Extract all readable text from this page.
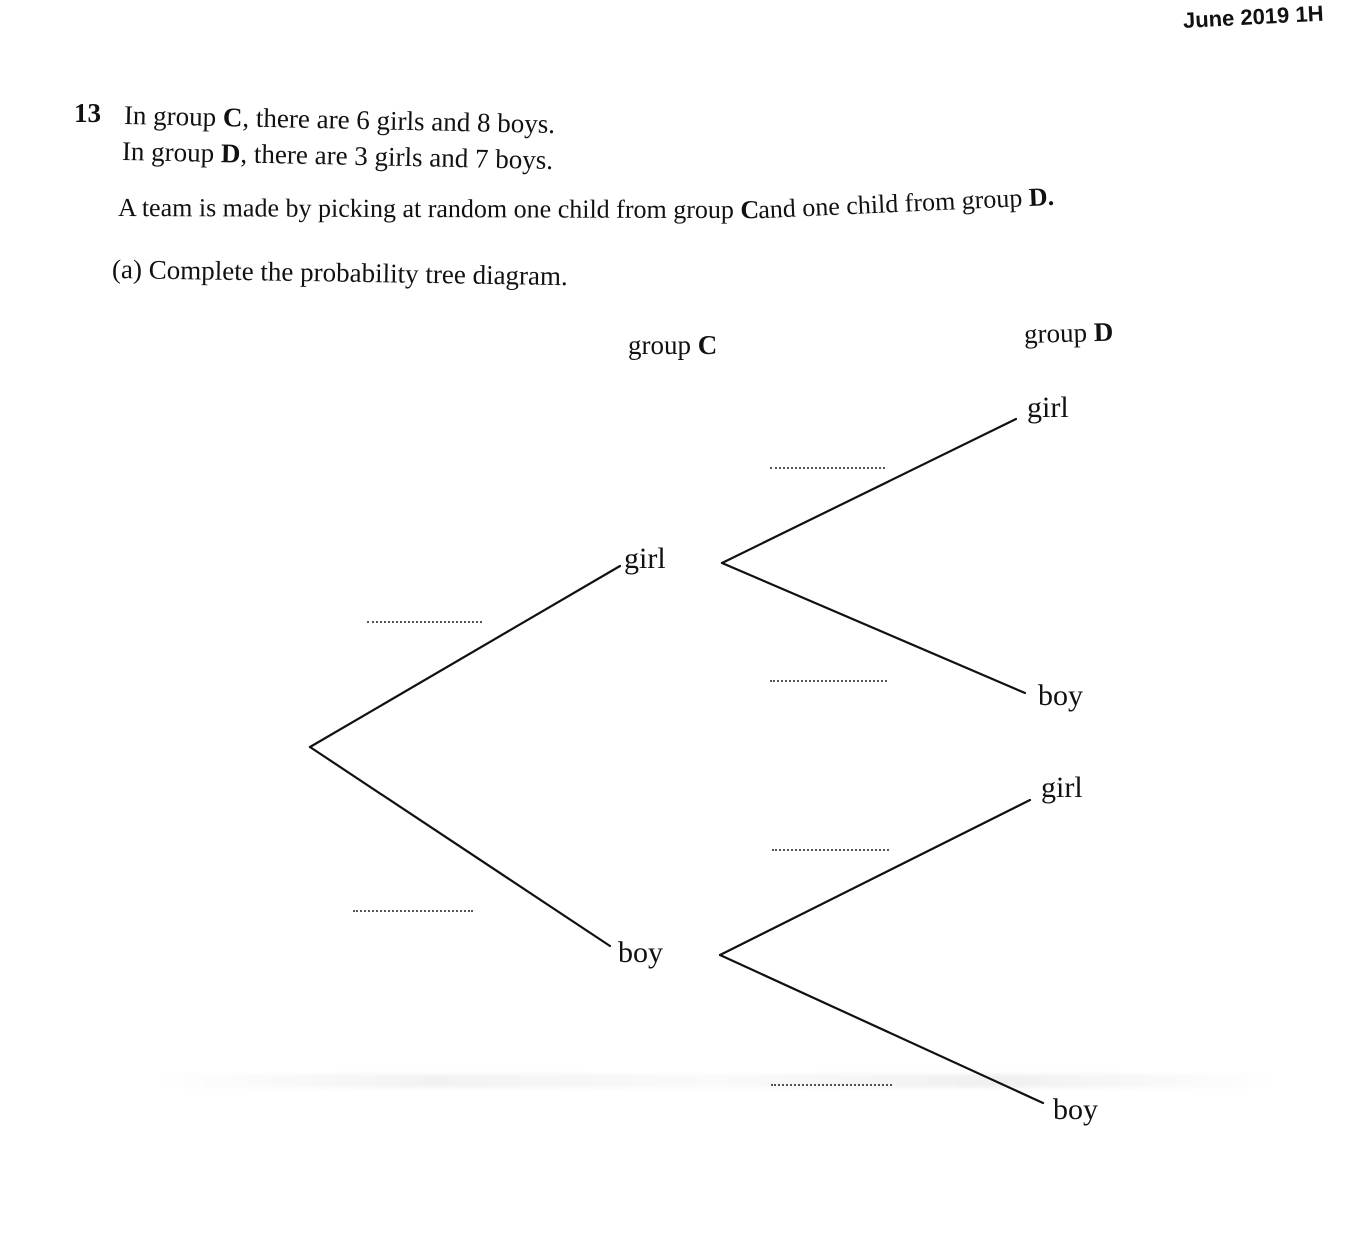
June 2019 1H
13 In group C, there are 6 girls and 8 boys.
In group D, there are 3 girls and 7 boys.
A team is made by picking at random one child from group Cand one child from group D.
(a) Complete the probability tree diagram.
group C	group D
girl
boy
girl
boy
girl
boy
